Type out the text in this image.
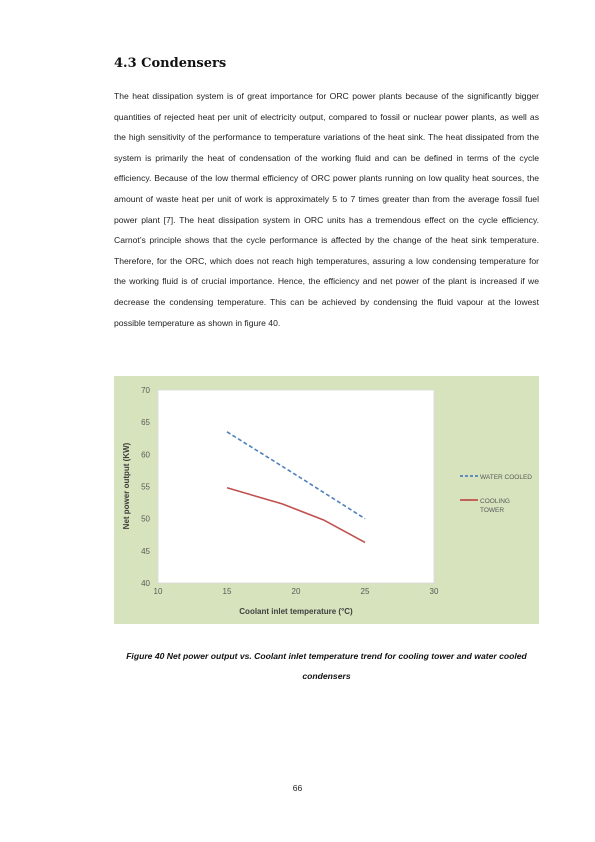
4.3 Condensers

The heat dissipation system is of great importance for ORC power plants because of the significantly bigger quantities of rejected heat per unit of electricity output, compared to fossil or nuclear power plants, as well as the high sensitivity of the performance to temperature variations of the heat sink. The heat dissipated from the system is primarily the heat of condensation of the working fluid and can be defined in terms of the cycle efficiency. Because of the low thermal efficiency of ORC power plants running on low quality heat sources, the amount of waste heat per unit of work is approximately 5 to 7 times greater than from the average fossil fuel power plant [7]. The heat dissipation system in ORC units has a tremendous effect on the cycle efficiency. Carnot’s principle shows that the cycle performance is affected by the change of the heat sink temperature. Therefore, for the ORC, which does not reach high temperatures, assuring a low condensing temperature for the working fluid is of crucial importance. Hence, the efficiency and net power of the plant is increased if we decrease the condensing temperature. This can be achieved by condensing the fluid vapour at the lowest possible temperature as shown in figure 40.

40
45
50
55
60
65
70
10	15	20	25	30
WATER COOLED
COOLING TOWER
Coolant inlet temperature (°C)
Net power output (KW)

Figure 40 Net power output vs. Coolant inlet temperature trend for cooling tower and water cooled condensers

66
